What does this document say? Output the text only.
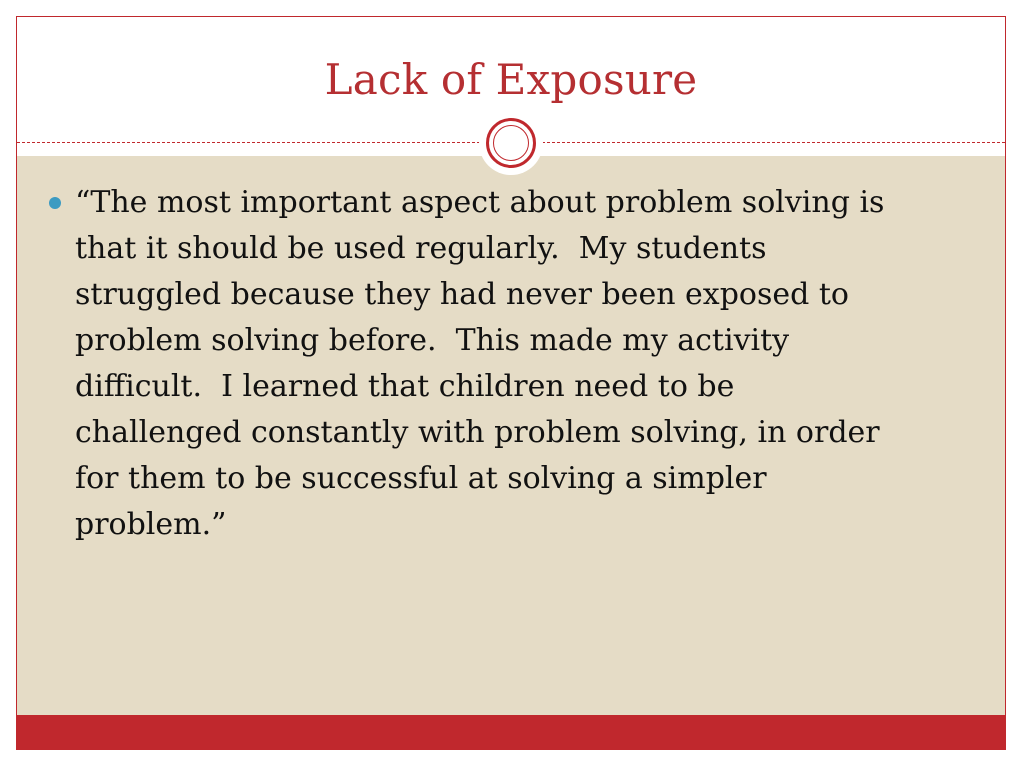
Lack of Exposure
“The most important aspect about problem solving is
that it should be used regularly.  My students
struggled because they had never been exposed to
problem solving before.  This made my activity
difficult.  I learned that children need to be
challenged constantly with problem solving, in order
for them to be successful at solving a simpler
problem.”
